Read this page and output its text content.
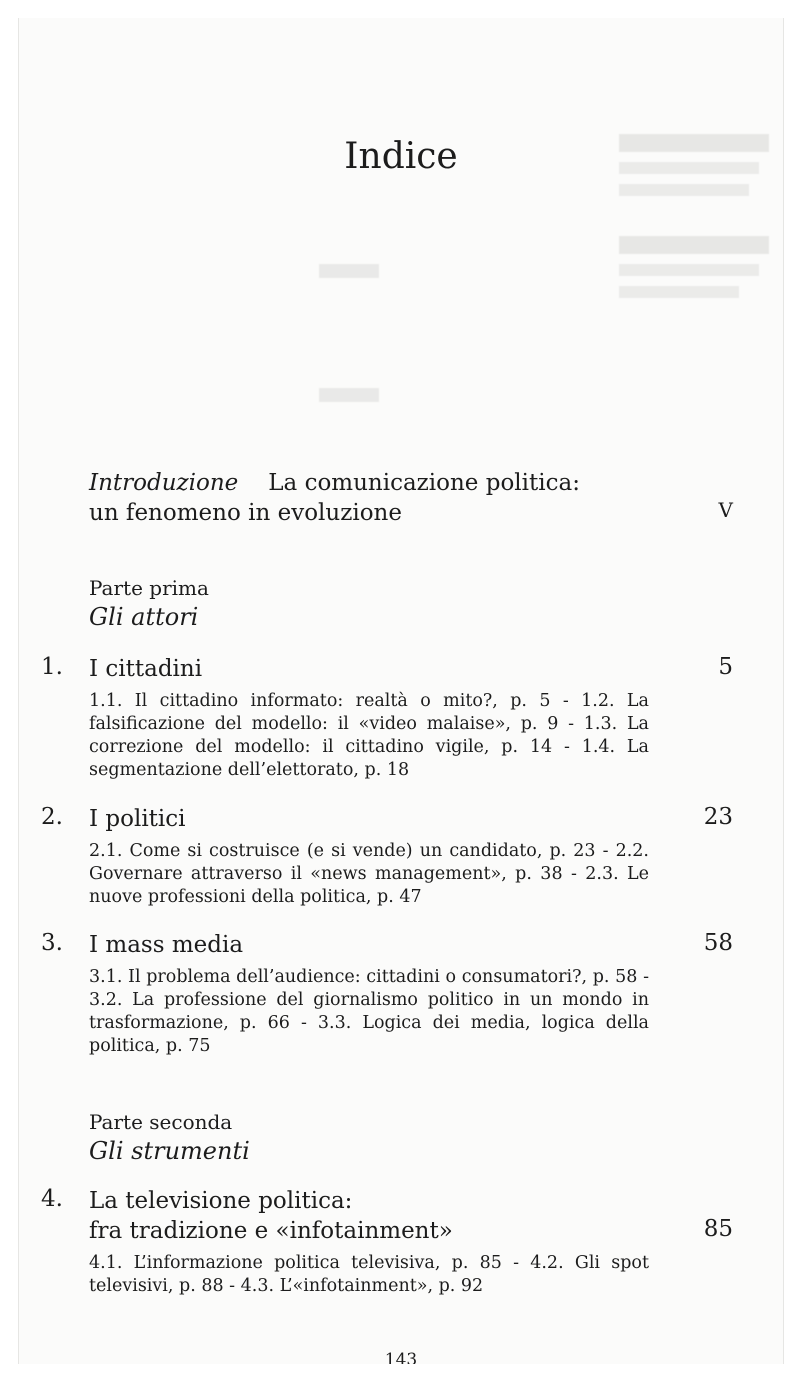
Indice
Introduzione La comunicazione politica:
un fenomeno in evoluzione	V
Parte prima
Gli attori
1.	I cittadini	5
1.1. Il cittadino informato: realtà o mito?, p. 5 - 1.2. La falsificazione del modello: il «video malaise», p. 9 - 1.3. La correzione del modello: il cittadino vigile, p. 14 - 1.4. La segmentazione dell’elettorato, p. 18
2.	I politici	23
2.1. Come si costruisce (e si vende) un candidato, p. 23 - 2.2. Governare attraverso il «news management», p. 38 - 2.3. Le nuove professioni della politica, p. 47
3.	I mass media	58
3.1. Il problema dell’audience: cittadini o consumatori?, p. 58 - 3.2. La professione del giornalismo politico in un mondo in trasformazione, p. 66 - 3.3. Logica dei media, logica della politica, p. 75
Parte seconda
Gli strumenti
4.	La televisione politica:
fra tradizione e «infotainment»	85
4.1. L’informazione politica televisiva, p. 85 - 4.2. Gli spot televisivi, p. 88 - 4.3. L’«infotainment», p. 92
143
